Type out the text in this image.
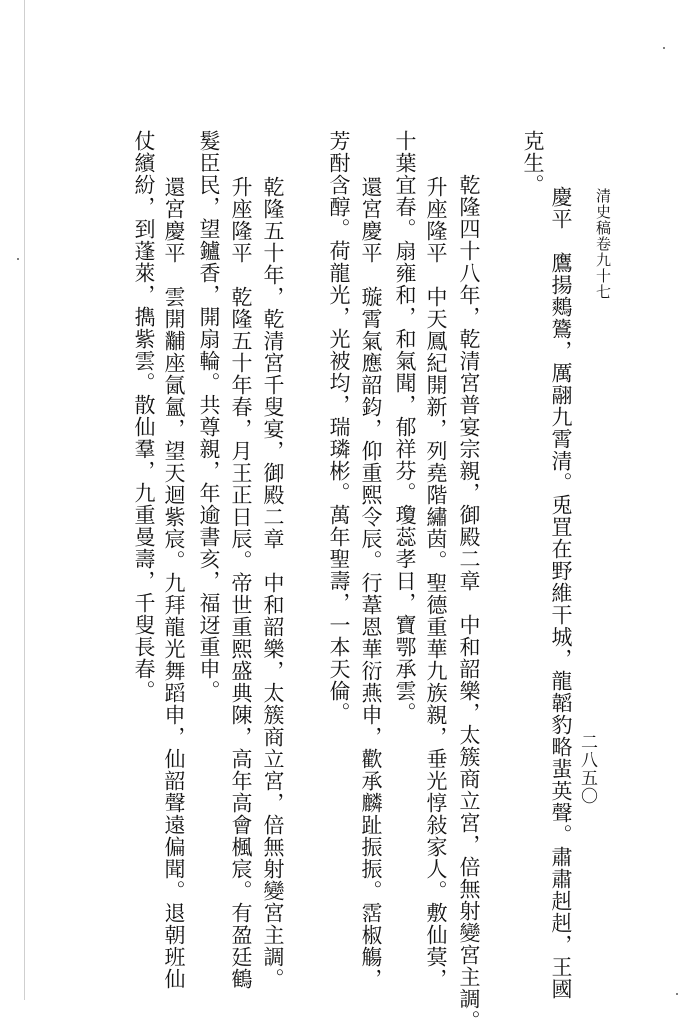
清史稿卷九十七
二八五〇
慶平　鷹揚鷞鷟，厲翮九霄清。兎罝在野維干城，龍韜豹略蜚英聲。肅肅赳赳，王國
克生。
乾隆四十八年，乾清宮普宴宗親，御殿二章　中和韶樂，太簇商立宮，倍無射變宮主調。
升座隆平　中天鳳紀開新，列堯階繡茵。聖德重華九族親，垂光惇敍家人。敷仙蓂，
十葉宜春。扇雍和，和氣聞，郁祥芬。瓊蕊孝日，寶鄂承雲。
還宮慶平　璇霄氣應韶鈞，仰重熙令辰。行葦恩華衍燕申，歡承麟趾振振。霑椒觴，
芳酎含醇。荷龍光，光被均，瑞璘彬。萬年聖壽，一本天倫。
乾隆五十年，乾清宮千叟宴，御殿二章　中和韶樂，太簇商立宮，倍無射變宮主調。
升座隆平　乾隆五十年春，月王正日辰。帝世重熙盛典陳，高年高會楓宸。有盈廷鶴
髮臣民，望鑪香，開扇輪。共尊親，年逾書亥，福迓重申。
還宮慶平　雲開黼座氤氳，望天迴紫宸。九拜龍光舞蹈申，仙韶聲遠偏聞。退朝班仙
仗繽紛，到蓬萊，擕紫雲。散仙羣，九重曼壽，千叟長春。
